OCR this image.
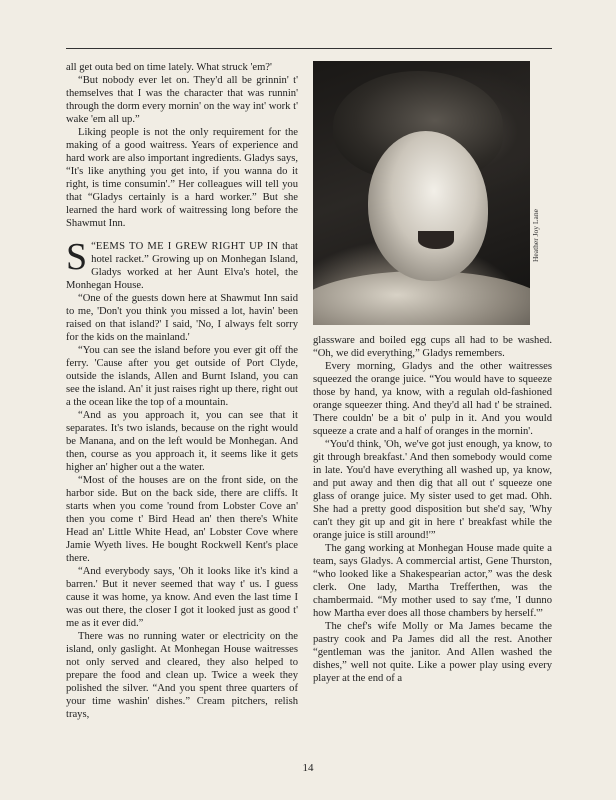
all get outa bed on time lately. What struck 'em?'

“But nobody ever let on. They'd all be grinnin' t' themselves that I was the character that was runnin' through the dorm every mornin' on the way int' work t' wake 'em all up.”

Liking people is not the only requirement for the making of a good waitress. Years of experience and hard work are also important ingredients. Gladys says, “It's like anything you get into, if you wanna do it right, is time consumin'.” Her colleagues will tell you that “Gladys certainly is a hard worker.” But she learned the hard work of waitressing long before the Shawmut Inn.

“
S EEMS TO ME I GREW RIGHT UP IN that hotel racket.” Growing up on Monhegan Island, Gladys worked at her Aunt Elva's hotel, the Monhegan House.

“One of the guests down here at Shawmut Inn said to me, 'Don't you think you missed a lot, havin' been raised on that island?' I said, 'No, I always felt sorry for the kids on the mainland.'

“You can see the island before you ever git off the ferry. 'Cause after you get outside of Port Clyde, outside the islands, Allen and Burnt Island, you can see the island. An' it just raises right up there, right out a the ocean like the top of a mountain.

“And as you approach it, you can see that it separates. It's two islands, because on the right would be Manana, and on the left would be Monhegan. And then, course as you approach it, it seems like it gets higher an' higher out a the water.

“Most of the houses are on the front side, on the harbor side. But on the back side, there are cliffs. It starts when you come 'round from Lobster Cove an' then you come t' Bird Head an' then there's White Head an' Little White Head, an' Lobster Cove where Jamie Wyeth lives. He bought Rockwell Kent's place there.

“And everybody says, 'Oh it looks like it's kind a barren.' But it never seemed that way t' us. I guess cause it was home, ya know. And even the last time I was out there, the closer I got it looked just as good t' me as it ever did.”

There was no running water or electricity on the island, only gaslight. At Monhegan House waitresses not only served and cleared, they also helped to prepare the food and clean up. Twice a week they polished the silver. “And you spent three quarters of your time washin' dishes.” Cream pitchers, relish trays,

Heather Joy Lane

glassware and boiled egg cups all had to be washed. “Oh, we did everything,” Gladys remembers.

Every morning, Gladys and the other waitresses squeezed the orange juice. “You would have to squeeze those by hand, ya know, with a regulah old-fashioned orange squeezer thing. And they'd all had t' be strained. There couldn' be a bit o' pulp in it. And you would squeeze a crate and a half of oranges in the mornin'.

“You'd think, 'Oh, we've got just enough, ya know, to git through breakfast.' And then somebody would come in late. You'd have everything all washed up, ya know, and put away and then dig that all out t' squeeze one glass of orange juice. My sister used to get mad. Ohh. She had a pretty good disposition but she'd say, 'Why can't they git up and git in here t' breakfast while the orange juice is still around!'”

The gang working at Monhegan House made quite a team, says Gladys. A commercial artist, Gene Thurston, “who looked like a Shakespearian actor,” was the desk clerk. One lady, Martha Trefferthen, was the chambermaid. “My mother used to say t'me, 'I dunno how Martha ever does all those chambers by herself.'”

The chef's wife Molly or Ma James became the pastry cook and Pa James did all the rest. Another “gentleman was the janitor. And Allen washed the dishes,” well not quite. Like a power play using every player at the end of a

14
